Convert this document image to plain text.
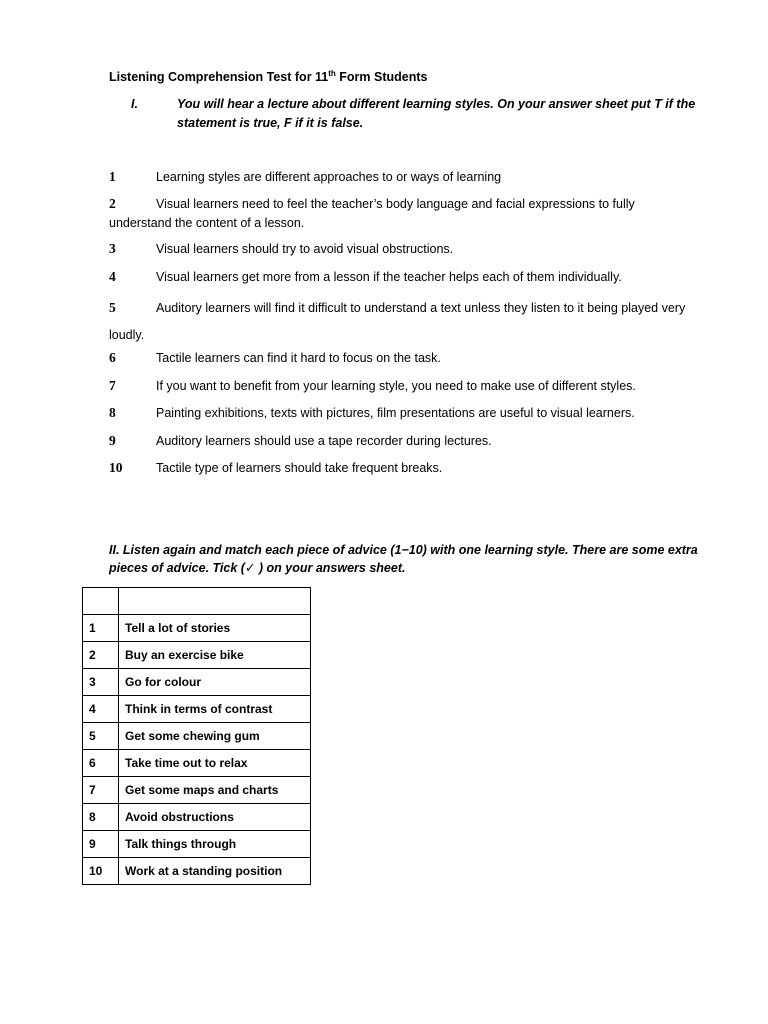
Listening Comprehension Test for 11th Form Students
I.	You will hear a lecture about different learning styles. On your answer sheet put T if the statement is true, F if it is false.
1	Learning styles are different approaches to or ways of learning
2	Visual learners need to feel the teacher’s body language and facial expressions to fully understand the content of a lesson.
3	Visual learners should try to avoid visual obstructions.
4	Visual learners get more from a lesson if the teacher helps each of them individually.
5	Auditory learners will find it difficult to understand a text unless they listen to it being played very loudly.
6	Tactile learners can find it hard to focus on the task.
7	If you want to benefit from your learning style, you need to make use of different styles.
8	Painting exhibitions, texts with pictures, film presentations are useful to visual learners.
9	Auditory learners should use a tape recorder during lectures.
10	Tactile type of learners should take frequent breaks.
II. Listen again and match each piece of advice (1−10) with one learning style. There are some extra pieces of advice. Tick (✓ ) on your answers sheet.

1	Tell a lot of stories
2	Buy an exercise bike
3	Go for colour
4	Think in terms of contrast
5	Get some chewing gum
6	Take time out to relax
7	Get some maps and charts
8	Avoid obstructions
9	Talk things through
10	Work at a standing position
